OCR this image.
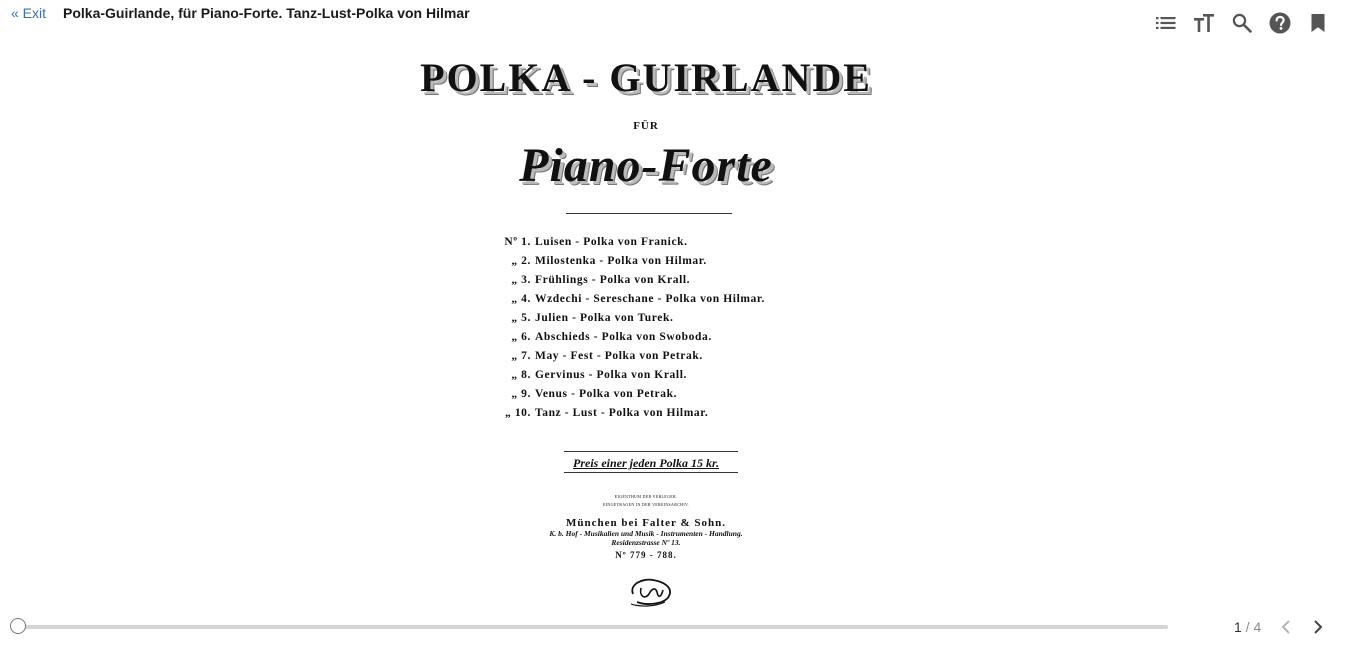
« Exit Polka-Guirlande, für Piano-Forte. Tanz-Lust-Polka von Hilmar
POLKA - GUIRLANDE
FÜR
Piano-Forte
Nº 1. Luisen - Polka von Franick.
„ 2. Milostenka - Polka von Hilmar.
„ 3. Frühlings - Polka von Krall.
„ 4. Wzdechi - Sereschane - Polka von Hilmar.
„ 5. Julien - Polka von Turek.
„ 6. Abschieds - Polka von Swoboda.
„ 7. May - Fest - Polka von Petrak.
„ 8. Gervinus - Polka von Krall.
„ 9. Venus - Polka von Petrak.
„ 10. Tanz - Lust - Polka von Hilmar.
Preis einer jeden Polka 15 kr.
EIGENTHUM DER VERLEGER.
EINGETRAGEN IN DER VEREINSARCHIV.
München bei Falter & Sohn.
K. b. Hof - Musikalien und Musik - Instrumenten - Handlung.
Residenzstrasse Nº 13.
Nº 779 - 788.
1 / 4
